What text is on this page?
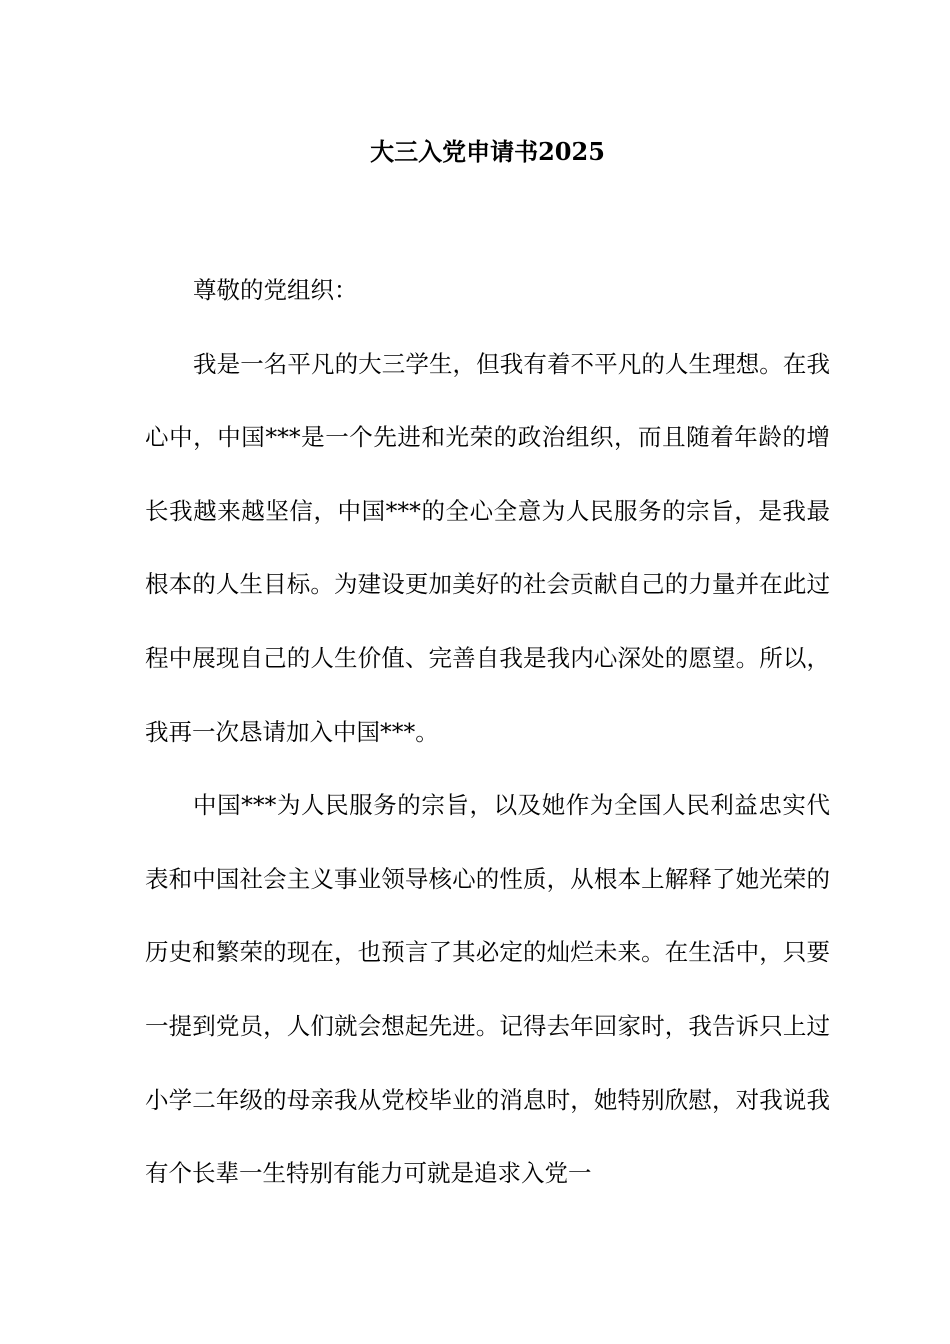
大三入党申请书2025

尊敬的党组织：

我是一名平凡的大三学生，但我有着不平凡的人生理想。在我心中，中国***是一个先进和光荣的政治组织，而且随着年龄的增长我越来越坚信，中国***的全心全意为人民服务的宗旨，是我最根本的人生目标。为建设更加美好的社会贡献自己的力量并在此过程中展现自己的人生价值、完善自我是我内心深处的愿望。所以，我再一次恳请加入中国***。

中国***为人民服务的宗旨，以及她作为全国人民利益忠实代表和中国社会主义事业领导核心的性质，从根本上解释了她光荣的历史和繁荣的现在，也预言了其必定的灿烂未来。在生活中，只要一提到党员，人们就会想起先进。记得去年回家时，我告诉只上过小学二年级的母亲我从党校毕业的消息时，她特别欣慰，对我说我有个长辈一生特别有能力可就是追求入党一
